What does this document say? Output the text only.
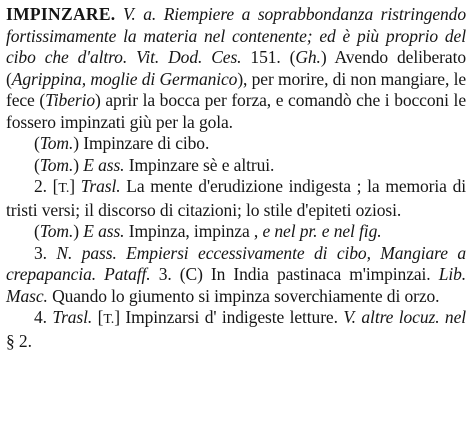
IMPINZARE. V. a. Riempiere a soprabbondanza ristringendo fortissimamente la materia nel contenente; ed è più proprio del cibo che d'altro. Vit. Dod. Ces. 151. (Gh.) Avendo deliberato (Agrippina, moglie di Germanico), per morire, di non mangiare, le fece (Tiberio) aprir la bocca per forza, e comandò che i bocconi le fossero impinzati giù per la gola.

(Tom.) Impinzare di cibo.

(Tom.) E ass. Impinzare sè e altrui.

2. [T.] Trasl. La mente d'erudizione indigesta ; la memoria di tristi versi; il discorso di citazioni; lo stile d'epiteti oziosi.

(Tom.) E ass. Impinza, impinza , e nel pr. e nel fig.

3. N. pass. Empiersi eccessivamente di cibo, Mangiare a crepapancia. Pataff. 3. (C) In India pastinaca m'impinzai. Lib. Masc. Quando lo giumento si impinza soverchiamente di orzo.

4. Trasl. [T.] Impinzarsi d' indigeste letture. V. altre locuz. nel § 2.
